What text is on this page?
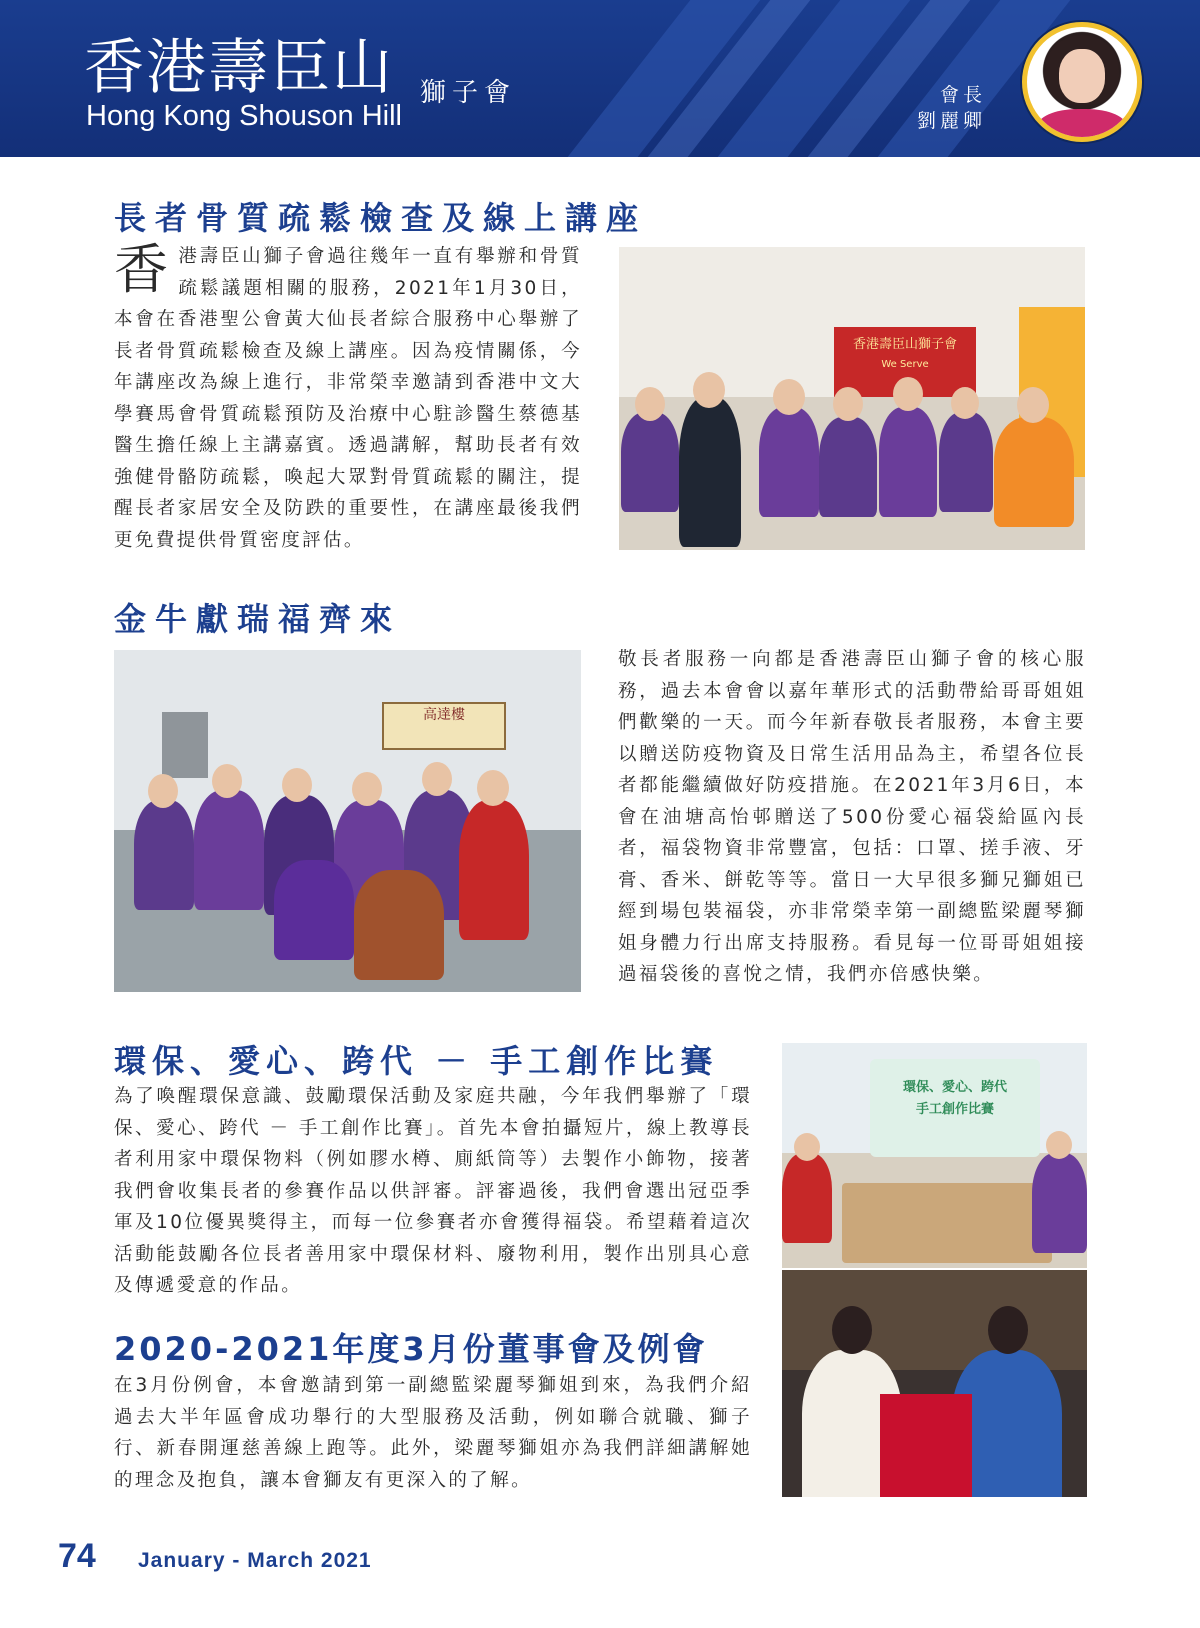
香港壽臣山 獅子會
Hong Kong Shouson Hill
會長
劉麗卿
長者骨質疏鬆檢查及線上講座
香港壽臣山獅子會過往幾年一直有舉辦和骨質疏鬆議題相關的服務，2021年1月30日，本會在香港聖公會黃大仙長者綜合服務中心舉辦了長者骨質疏鬆檢查及線上講座。因為疫情關係，今年講座改為線上進行，非常榮幸邀請到香港中文大學賽馬會骨質疏鬆預防及治療中心駐診醫生蔡德基醫生擔任線上主講嘉賓。透過講解，幫助長者有效強健骨骼防疏鬆，喚起大眾對骨質疏鬆的關注，提醒長者家居安全及防跌的重要性，在講座最後我們更免費提供骨質密度評估。
香港壽臣山獅子會
We Serve
金牛獻瑞福齊來
高達樓
敬長者服務一向都是香港壽臣山獅子會的核心服務，過去本會會以嘉年華形式的活動帶給哥哥姐姐們歡樂的一天。而今年新春敬長者服務，本會主要以贈送防疫物資及日常生活用品為主，希望各位長者都能繼續做好防疫措施。在2021年3月6日，本會在油塘高怡邨贈送了500份愛心福袋給區內長者，福袋物資非常豐富，包括：口罩、搓手液、牙膏、香米、餅乾等等。當日一大早很多獅兄獅姐已經到場包裝福袋，亦非常榮幸第一副總監梁麗琴獅姐身體力行出席支持服務。看見每一位哥哥姐姐接過福袋後的喜悅之情，我們亦倍感快樂。
環保、愛心、跨代 － 手工創作比賽
為了喚醒環保意識、鼓勵環保活動及家庭共融，今年我們舉辦了「環保、愛心、跨代 － 手工創作比賽」。首先本會拍攝短片，線上教導長者利用家中環保物料（例如膠水樽、廁紙筒等）去製作小飾物，接著我們會收集長者的參賽作品以供評審。評審過後，我們會選出冠亞季軍及10位優異獎得主，而每一位參賽者亦會獲得福袋。希望藉着這次活動能鼓勵各位長者善用家中環保材料、廢物利用，製作出別具心意及傳遞愛意的作品。
環保、愛心、跨代
手工創作比賽
2020-2021年度3月份董事會及例會
在3月份例會，本會邀請到第一副總監梁麗琴獅姐到來，為我們介紹過去大半年區會成功舉行的大型服務及活動，例如聯合就職、獅子行、新春開運慈善線上跑等。此外，梁麗琴獅姐亦為我們詳細講解她的理念及抱負，讓本會獅友有更深入的了解。
74 January - March 2021
